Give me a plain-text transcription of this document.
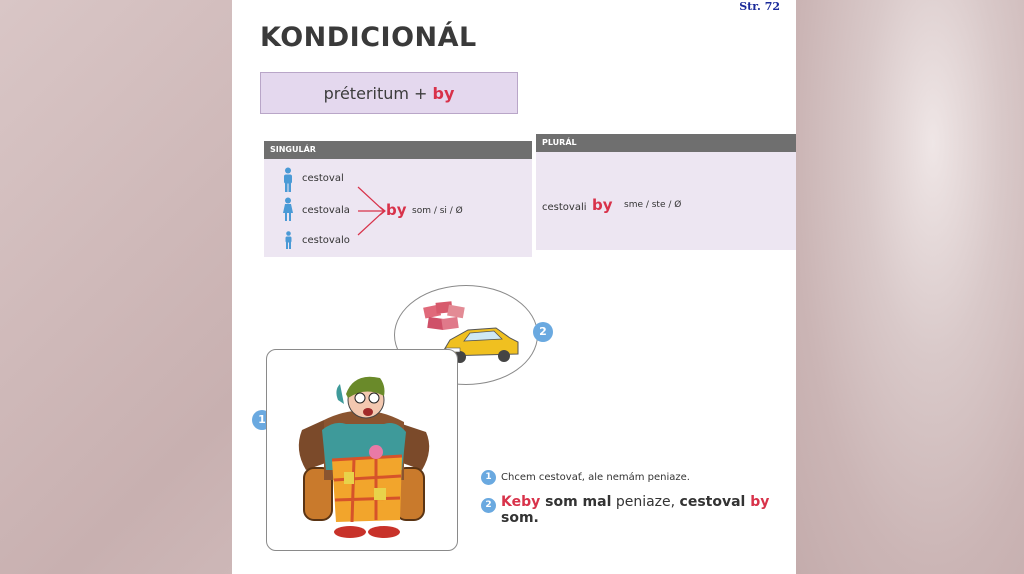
Str. 72
KONDICIONÁL
préteritum + by
SINGULÁR
cestoval
cestovala
cestovalo
by som / si / Ø
PLURÁL
cestovali by sme / ste / Ø
2
1
1 Chcem cestovať, ale nemám peniaze.
2 Keby som mal peniaze, cestoval by som.
